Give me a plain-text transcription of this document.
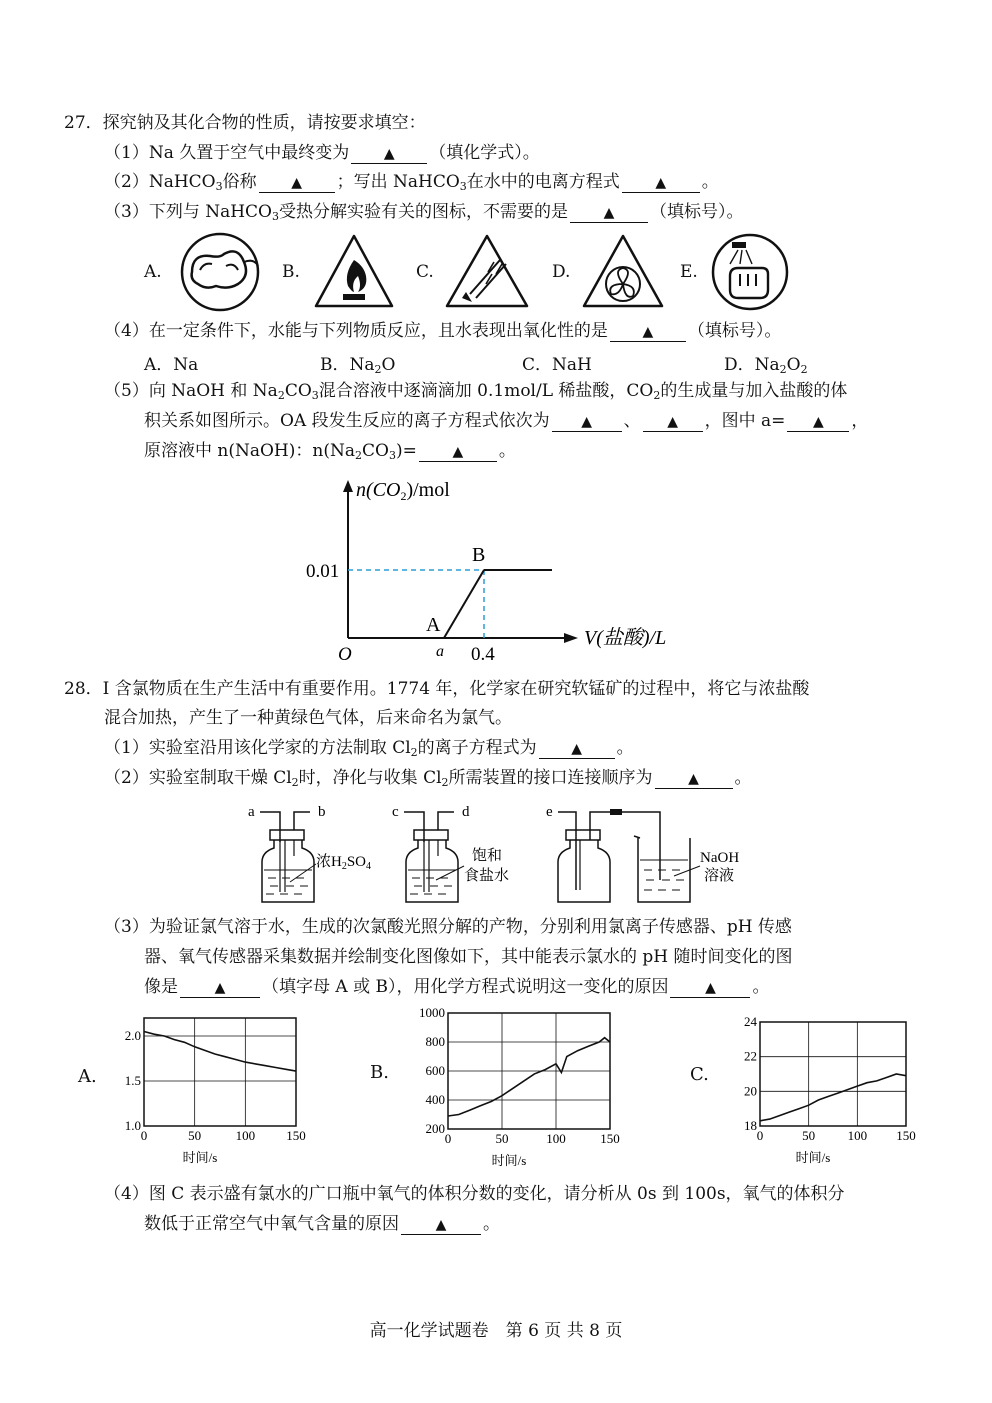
27．探究钠及其化合物的性质，请按要求填空：
（1）Na 久置于空气中最终变为 ▲ （填化学式）。
（2）NaHCO$_3$俗称 ▲ ；写出 NaHCO$_3$在水中的电离方程式	▲ 。
（3）下列与 NaHCO$_3$受热分解实验有关的图标，不需要的是	▲ （填标号）。
A.	B.	C.	D.	E.
（4）在一定条件下，水能与下列物质反应，且水表现出氧化性的是 ▲ （填标号）。
A．Na	B．$Na_2O$	C．NaH	D．$Na_2O_2$
（5）向 NaOH 和 $Na_2CO_3$混合溶液中逐滴滴加 0.1mol/L 稀盐酸，$CO_2$的生成量与加入盐酸的体
积关系如图所示。OA 段发生反应的离子方程式依次为 ▲ 、 ▲ ，图中 a= ▲ ，
原溶液中 n(NaOH)：$n(Na_2CO_3)=$	▲ 。
$n(CO_2)$/mol
0.01
B
A
V(盐酸)/L
O	a 0.4
28．I 含氯物质在生产生活中有重要作用。1774 年，化学家在研究软锰矿的过程中，将它与浓盐酸
混合加热，产生了一种黄绿色气体，后来命名为氯气。
（1）实验室沿用该化学家的方法制取 $Cl_2$的离子方程式为 ▲ 。
（2）实验室制取干燥 $Cl_2$时，净化与收集 $Cl_2$所需装置的接口连接顺序为	▲ 。
a	b
浓$H_2SO_4$
c	d
饱和
食盐水
e
NaOH
溶液
（3）为验证氯气溶于水，生成的次氯酸光照分解的产物，分别利用氯离子传感器、pH 传感
器、氧气传感器采集数据并绘制变化图像如下，其中能表示氯水的 pH 随时间变化的图
像是	▲ （填字母 A 或 B），用化学方程式说明这一变化的原因	▲ 。
A.	B.	C.
0	50	100 150
1.0
1.5
2.0
时间/s
0	50	100	150
200
400
600
800
1000
时间/s
0	50 100 150
18
20
22
24
时间/s
（4）图 C 表示盛有氯水的广口瓶中氧气的体积分数的变化，请分析从 0s 到 100s，氧气的体积分
数低于正常空气中氧气含量的原因	▲ 。
高一化学试题卷　第 6 页 共 8 页
